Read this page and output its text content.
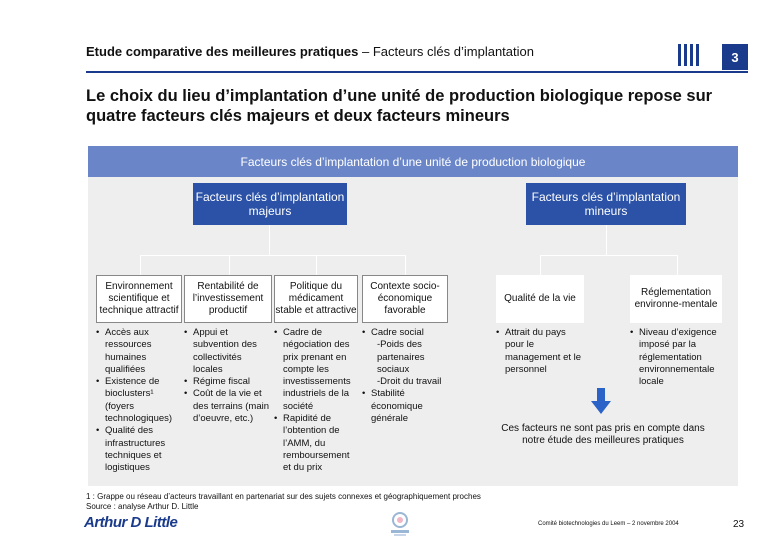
Etude comparative des meilleures pratiques – Facteurs clés d’implantation	3
Le choix du lieu d’implantation d’une unité de production biologique repose sur quatre facteurs clés majeurs et deux facteurs mineurs
Facteurs clés d’implantation d’une unité de production biologique
Facteurs clés d’implantation majeurs
Facteurs clés d’implantation mineurs
Environnement scientifique et technique attractif
Rentabilité de l’investissement productif
Politique du médicament stable et attractive
Contexte socio-économique favorable
Qualité de la vie
Réglementation environne-mentale
• Accès aux ressources humaines qualifiées
• Existence de bioclusters¹ (foyers technologiques)
• Qualité des infrastructures techniques et logistiques
• Appui et subvention des collectivités locales
• Régime fiscal
• Coût de la vie et des terrains (main d’oeuvre, etc.)
• Cadre de négociation des prix prenant en compte les investissements industriels de la société
• Rapidité de l’obtention de l’AMM, du remboursement et du prix
• Cadre social
-Poids des partenaires sociaux
-Droit du travail
• Stabilité économique générale
• Attrait du pays pour le management et le personnel
• Niveau d’exigence imposé par la réglementation environnementale locale
Ces facteurs ne sont pas pris en compte dans notre étude des meilleures pratiques
1 : Grappe ou réseau d’acteurs travaillant en partenariat sur des sujets connexes et géographiquement proches
Source : analyse Arthur D. Little
Arthur D Little	Comité biotechnologies du Leem – 2 novembre 2004	23
